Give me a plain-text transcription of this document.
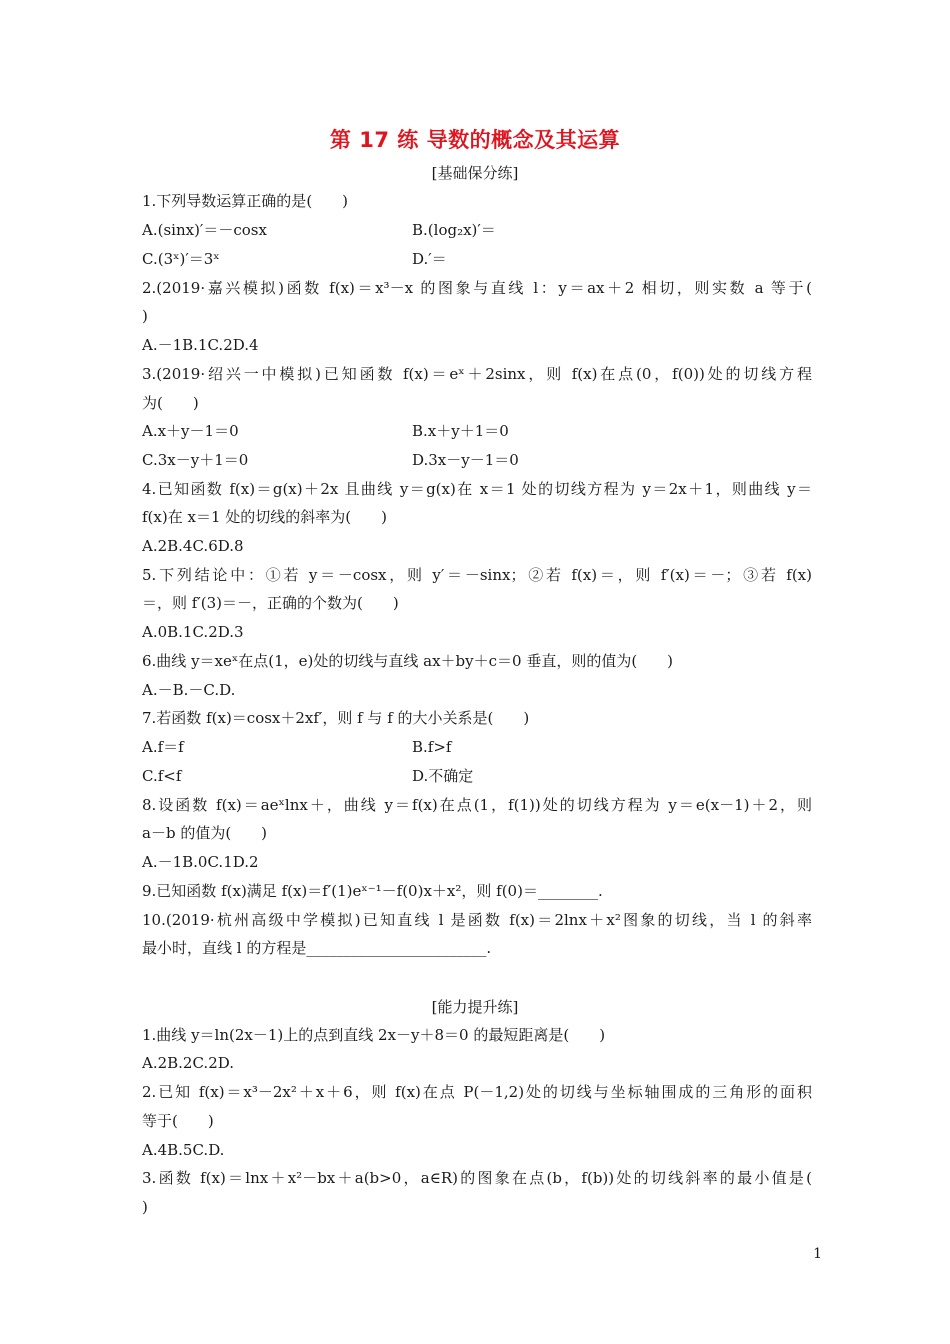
第 17 练 导数的概念及其运算
[基础保分练]
1.下列导数运算正确的是(　　)
A.(sinx)′＝－cosx	B.(log₂x)′＝
C.(3ˣ)′＝3ˣ	D.′＝
2.(2019·嘉兴模拟)函数 f(x)＝x³－x 的图象与直线 l：y＝ax＋2 相切，则实数 a 等于(
)
A.－1B.1C.2D.4
3.(2019·绍兴一中模拟)已知函数 f(x)＝eˣ＋2sinx，则 f(x)在点(0，f(0))处的切线方程
为(　　)
A.x＋y－1＝0	B.x＋y＋1＝0
C.3x－y＋1＝0	D.3x－y－1＝0
4.已知函数 f(x)＝g(x)＋2x 且曲线 y＝g(x)在 x＝1 处的切线方程为 y＝2x＋1，则曲线 y＝
f(x)在 x＝1 处的切线的斜率为(　　)
A.2B.4C.6D.8
5.下列结论中：①若 y＝－cosx，则 y′＝－sinx；②若 f(x)＝，则 f′(x)＝－；③若 f(x)
＝，则 f′(3)＝－，正确的个数为(　　)
A.0B.1C.2D.3
6.曲线 y＝xeˣ在点(1，e)处的切线与直线 ax＋by＋c＝0 垂直，则的值为(　　)
A.－B.－C.D.
7.若函数 f(x)＝cosx＋2xf′，则 f 与 f 的大小关系是(　　)
A.f＝f	B.f>f
C.f<f	D.不确定
8.设函数 f(x)＝aeˣlnx＋，曲线 y＝f(x)在点(1，f(1))处的切线方程为 y＝e(x－1)＋2，则
a－b 的值为(　　)
A.－1B.0C.1D.2
9.已知函数 f(x)满足 f(x)＝f′(1)eˣ⁻¹－f(0)x＋x²，则 f(0)＝________.
10.(2019·杭州高级中学模拟)已知直线 l 是函数 f(x)＝2lnx＋x²图象的切线，当 l 的斜率
最小时，直线 l 的方程是________________________.
[能力提升练]
1.曲线 y＝ln(2x－1)上的点到直线 2x－y＋8＝0 的最短距离是(　　)
A.2B.2C.2D.
2.已知 f(x)＝x³－2x²＋x＋6，则 f(x)在点 P(－1,2)处的切线与坐标轴围成的三角形的面积
等于(　　)
A.4B.5C.D.
3.函数 f(x)＝lnx＋x²－bx＋a(b>0，a∈R)的图象在点(b，f(b))处的切线斜率的最小值是(
)
1
